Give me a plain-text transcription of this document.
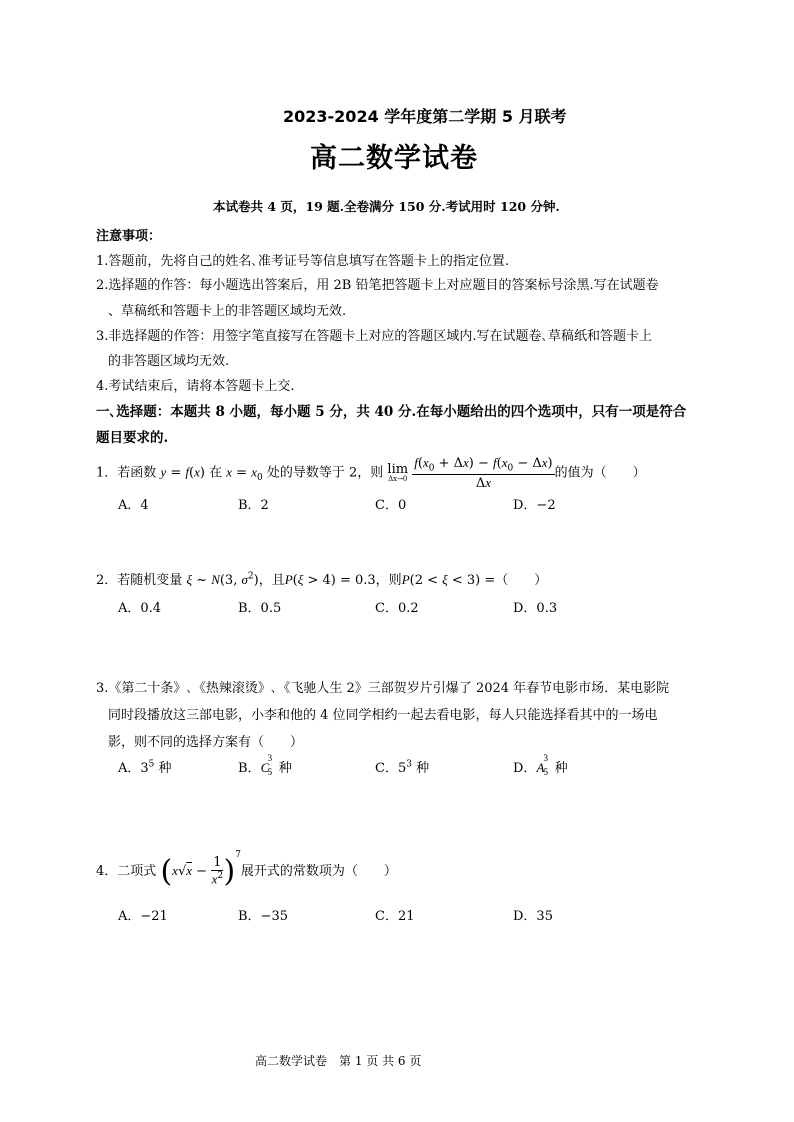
2023-2024 学年度第二学期 5 月联考
高二数学试卷
本试卷共 4 页，19 题.全卷满分 150 分.考试用时 120 分钟.
注意事项：
1.答题前，先将自己的姓名､准考证号等信息填写在答题卡上的指定位置.
2.选择题的作答：每小题选出答案后，用 2B 铅笔把答题卡上对应题目的答案标号涂黑.写在试题卷
、草稿纸和答题卡上的非答题区域均无效.
3.非选择题的作答：用签字笔直接写在答题卡上对应的答题区域内.写在试题卷､草稿纸和答题卡上
的非答题区域均无效.
4.考试结束后，请将本答题卡上交.
一､选择题：本题共 8 小题，每小题 5 分，共 40 分.在每小题给出的四个选项中，只有一项是符合
题目要求的.
1．若函数 y = f(x) 在 $x = x_0$ 处的导数等于 2，则 lim
Δx→0
$\frac{f(x_0 + \Delta x) - f(x_0 - \Delta x)}{\Delta x}$ 的值为（　　）
A．4	B．2	C．0	D．−2
2．若随机变量 ξ ~ N(3, $\sigma^2$)，且P(ξ > 4) = 0.3，则P(2 < ξ < 3) =（　　）
A．0.4	B．0.5	C．0.2	D．0.3
3.《第二十条》､《热辣滚烫》､《飞驰人生 2》三部贺岁片引爆了 2024 年春节电影市场．某电影院
同时段播放这三部电影，小李和他的 4 位同学相约一起去看电影，每人只能选择看其中的一场电
影，则不同的选择方案有（　　）
A．$3^5$ 种	B．C
3
5 种	C．$5^3$ 种	D．A
3
5 种
4．二项式 $(x√x - \frac{1}{x^2} )^7$展开式的常数项为（　　）
A．−21	B．−35	C．21	D．35
高二数学试卷　第 1 页 共 6 页
